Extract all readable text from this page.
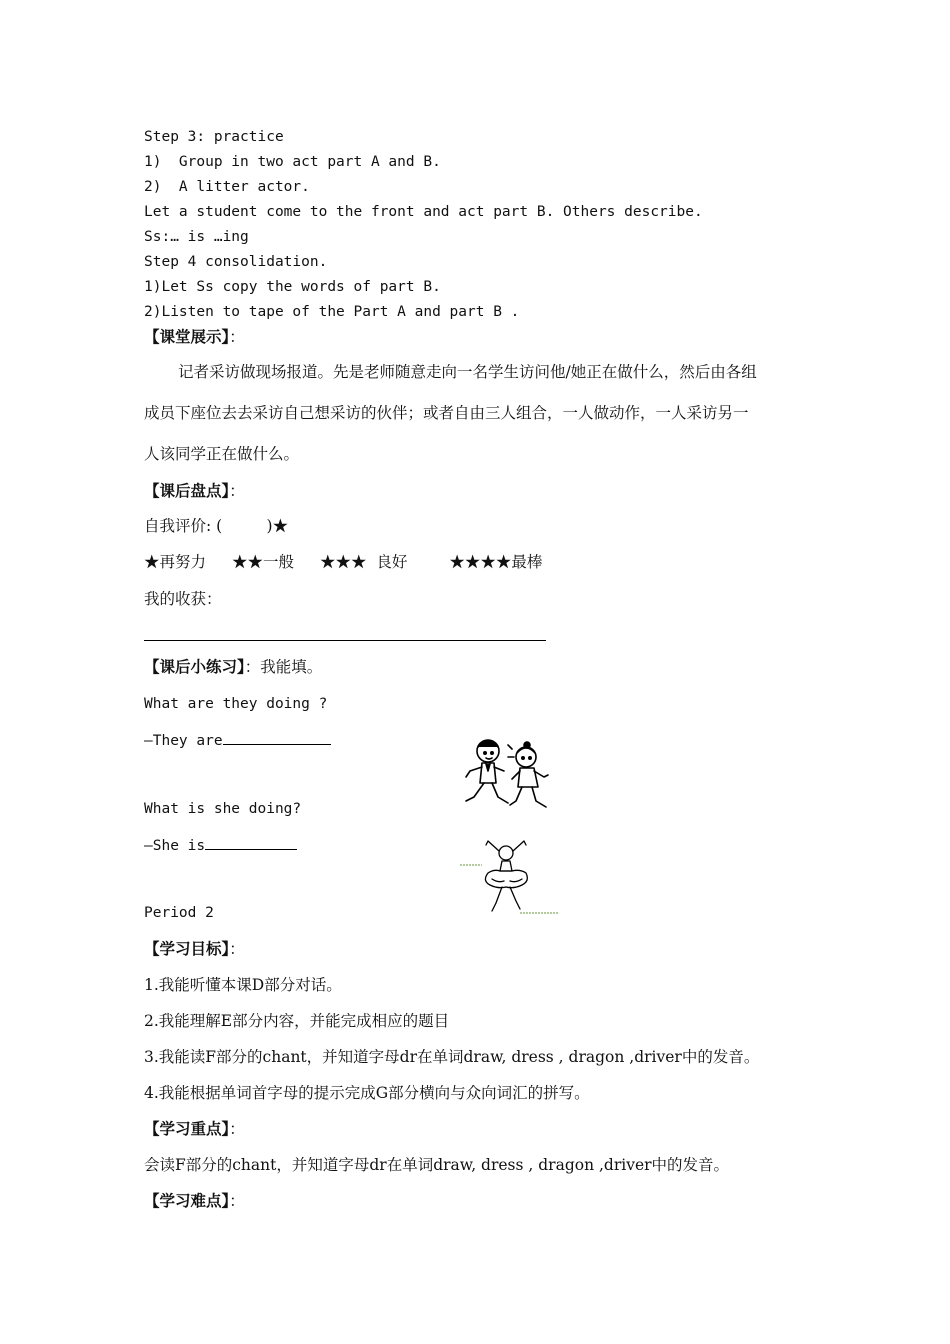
Step 3: practice
1)  Group in two act part A and B.
2)  A litter actor.
Let a student come to the front and act part B. Others describe.
Ss:… is …ing
Step 4 consolidation.
1)Let Ss copy the words of part B.
2)Listen to tape of the Part A and part B .
【课堂展示】：
记者采访做现场报道。先是老师随意走向一名学生访问他/她正在做什么，然后由各组
成员下座位去去采访自己想采访的伙伴；或者自由三人组合，一人做动作，一人采访另一
人该同学正在做什么。
【课后盘点】：
自我评价: (         )★
★再努力 ★★一般 ★★★  良好	★★★★最棒
我的收获：
【课后小练习】：我能填。
What are they doing ?
—They are
What is she doing?
—She is
Period 2
【学习目标】：
1.我能听懂本课D部分对话。
2.我能理解E部分内容，并能完成相应的题目
3.我能读F部分的chant，并知道字母dr在单词draw, dress , dragon ,driver中的发音。
4.我能根据单词首字母的提示完成G部分横向与众向词汇的拼写。
【学习重点】：
会读F部分的chant，并知道字母dr在单词draw, dress , dragon ,driver中的发音。
【学习难点】：
